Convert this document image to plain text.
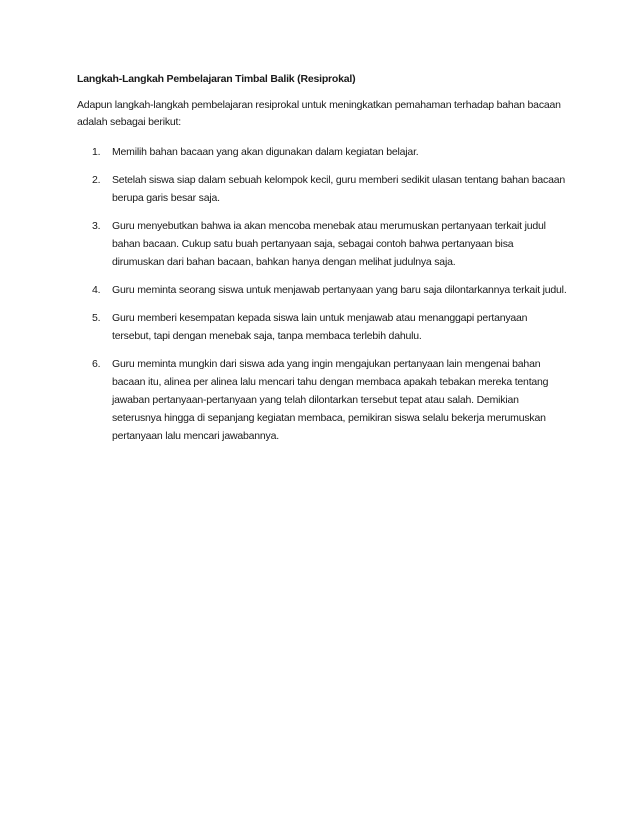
Langkah-Langkah Pembelajaran Timbal Balik (Resiprokal)

Adapun langkah-langkah pembelajaran resiprokal untuk meningkatkan pemahaman terhadap bahan bacaan adalah sebagai berikut:

1. Memilih bahan bacaan yang akan digunakan dalam kegiatan belajar.
2. Setelah siswa siap dalam sebuah kelompok kecil, guru memberi sedikit ulasan tentang bahan bacaan berupa garis besar saja.
3. Guru menyebutkan bahwa ia akan mencoba menebak atau merumuskan pertanyaan terkait judul bahan bacaan. Cukup satu buah pertanyaan saja, sebagai contoh bahwa pertanyaan bisa dirumuskan dari bahan bacaan, bahkan hanya dengan melihat judulnya saja.
4. Guru meminta seorang siswa untuk menjawab pertanyaan yang baru saja dilontarkannya terkait judul.
5. Guru memberi kesempatan kepada siswa lain untuk menjawab atau menanggapi pertanyaan tersebut, tapi dengan menebak saja, tanpa membaca terlebih dahulu.
6. Guru meminta mungkin dari siswa ada yang ingin mengajukan pertanyaan lain mengenai bahan bacaan itu, alinea per alinea lalu mencari tahu dengan membaca apakah tebakan mereka tentang jawaban pertanyaan-pertanyaan yang telah dilontarkan tersebut tepat atau salah. Demikian seterusnya hingga di sepanjang kegiatan membaca, pemikiran siswa selalu bekerja merumuskan pertanyaan lalu mencari jawabannya.
